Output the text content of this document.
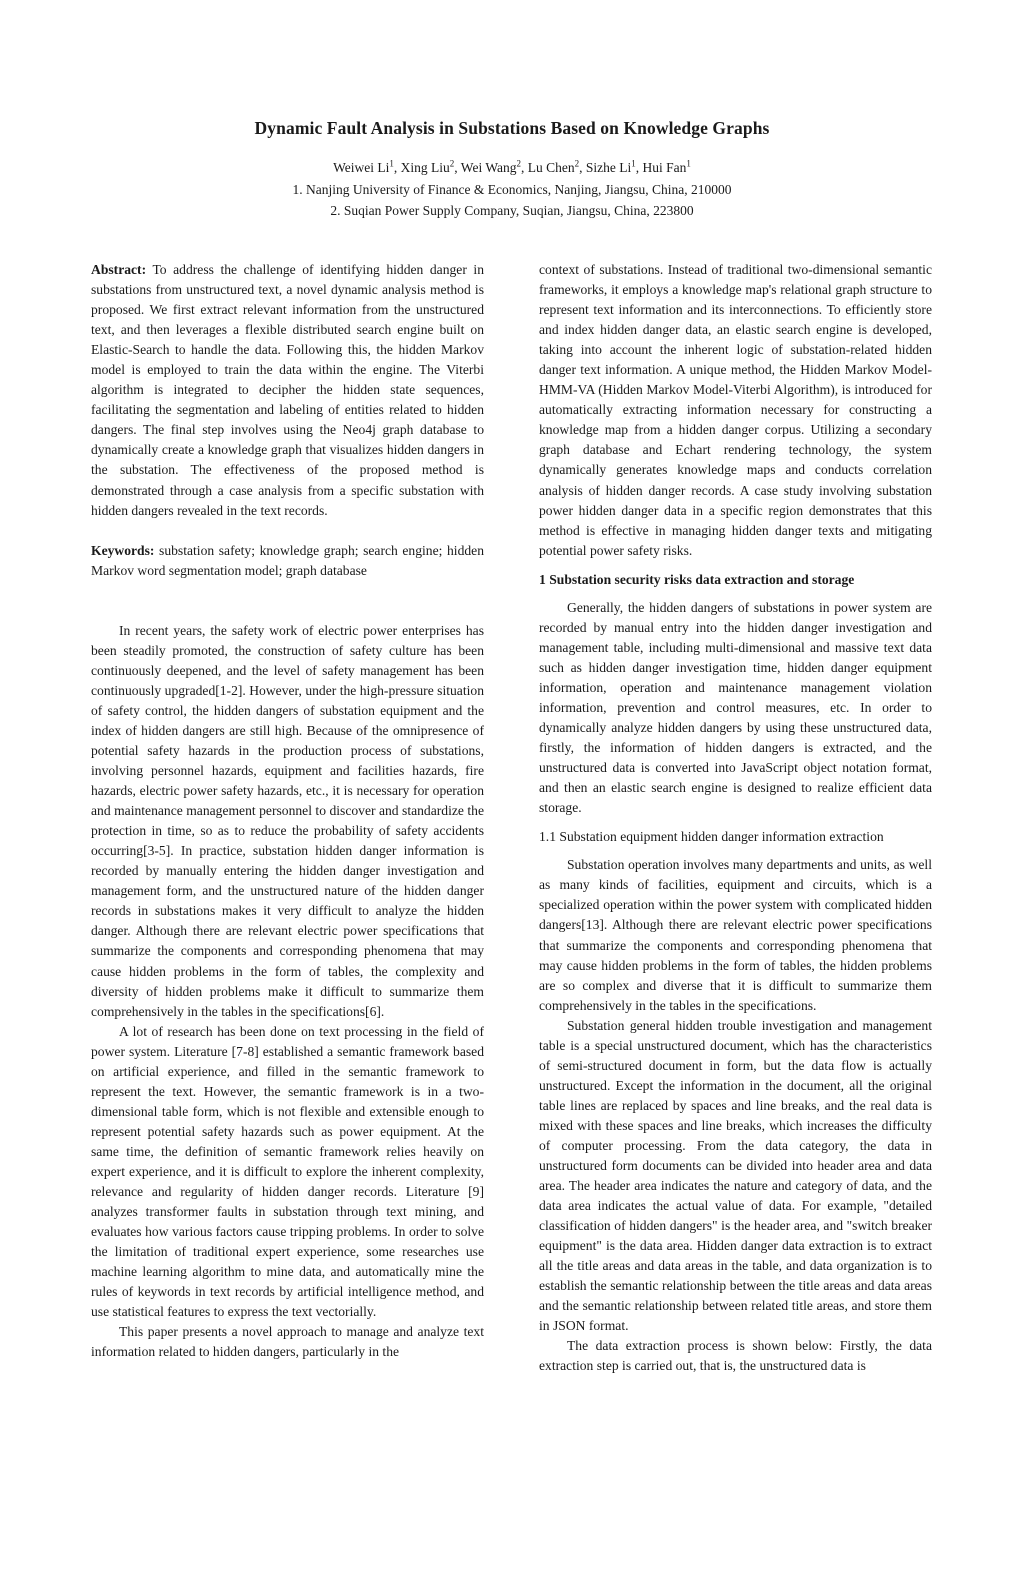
Dynamic Fault Analysis in Substations Based on Knowledge Graphs
Weiwei Li$^1$, Xing Liu$^2$, Wei Wang$^2$, Lu Chen$^2$, Sizhe Li$^1$, Hui Fan$^1$
1. Nanjing University of Finance & Economics, Nanjing, Jiangsu, China, 210000
2. Suqian Power Supply Company, Suqian, Jiangsu, China, 223800

Abstract: To address the challenge of identifying hidden danger in substations from unstructured text, a novel dynamic analysis method is proposed. We first extract relevant information from the unstructured text, and then leverages a flexible distributed search engine built on Elastic-Search to handle the data. Following this, the hidden Markov model is employed to train the data within the engine. The Viterbi algorithm is integrated to decipher the hidden state sequences, facilitating the segmentation and labeling of entities related to hidden dangers. The final step involves using the Neo4j graph database to dynamically create a knowledge graph that visualizes hidden dangers in the substation. The effectiveness of the proposed method is demonstrated through a case analysis from a specific substation with hidden dangers revealed in the text records.

Keywords: substation safety; knowledge graph; search engine; hidden Markov word segmentation model; graph database

In recent years, the safety work of electric power enterprises has been steadily promoted, the construction of safety culture has been continuously deepened, and the level of safety management has been continuously upgraded[1-2]. However, under the high-pressure situation of safety control, the hidden dangers of substation equipment and the index of hidden dangers are still high. Because of the omnipresence of potential safety hazards in the production process of substations, involving personnel hazards, equipment and facilities hazards, fire hazards, electric power safety hazards, etc., it is necessary for operation and maintenance management personnel to discover and standardize the protection in time, so as to reduce the probability of safety accidents occurring[3-5]. In practice, substation hidden danger information is recorded by manually entering the hidden danger investigation and management form, and the unstructured nature of the hidden danger records in substations makes it very difficult to analyze the hidden danger. Although there are relevant electric power specifications that summarize the components and corresponding phenomena that may cause hidden problems in the form of tables, the complexity and diversity of hidden problems make it difficult to summarize them comprehensively in the tables in the specifications[6].

A lot of research has been done on text processing in the field of power system. Literature [7-8] established a semantic framework based on artificial experience, and filled in the semantic framework to represent the text. However, the semantic framework is in a two-dimensional table form, which is not flexible and extensible enough to represent potential safety hazards such as power equipment. At the same time, the definition of semantic framework relies heavily on expert experience, and it is difficult to explore the inherent complexity, relevance and regularity of hidden danger records. Literature [9] analyzes transformer faults in substation through text mining, and evaluates how various factors cause tripping problems. In order to solve the limitation of traditional expert experience, some researches use machine learning algorithm to mine data, and automatically mine the rules of keywords in text records by artificial intelligence method, and use statistical features to express the text vectorially.

This paper presents a novel approach to manage and analyze text information related to hidden dangers, particularly in the

context of substations. Instead of traditional two-dimensional semantic frameworks, it employs a knowledge map's relational graph structure to represent text information and its interconnections. To efficiently store and index hidden danger data, an elastic search engine is developed, taking into account the inherent logic of substation-related hidden danger text information. A unique method, the Hidden Markov Model-HMM-VA (Hidden Markov Model-Viterbi Algorithm), is introduced for automatically extracting information necessary for constructing a knowledge map from a hidden danger corpus. Utilizing a secondary graph database and Echart rendering technology, the system dynamically generates knowledge maps and conducts correlation analysis of hidden danger records. A case study involving substation power hidden danger data in a specific region demonstrates that this method is effective in managing hidden danger texts and mitigating potential power safety risks.

1 Substation security risks data extraction and storage

Generally, the hidden dangers of substations in power system are recorded by manual entry into the hidden danger investigation and management table, including multi-dimensional and massive text data such as hidden danger investigation time, hidden danger equipment information, operation and maintenance management violation information, prevention and control measures, etc. In order to dynamically analyze hidden dangers by using these unstructured data, firstly, the information of hidden dangers is extracted, and the unstructured data is converted into JavaScript object notation format, and then an elastic search engine is designed to realize efficient data storage.

1.1 Substation equipment hidden danger information extraction

Substation operation involves many departments and units, as well as many kinds of facilities, equipment and circuits, which is a specialized operation within the power system with complicated hidden dangers[13]. Although there are relevant electric power specifications that summarize the components and corresponding phenomena that may cause hidden problems in the form of tables, the hidden problems are so complex and diverse that it is difficult to summarize them comprehensively in the tables in the specifications.

Substation general hidden trouble investigation and management table is a special unstructured document, which has the characteristics of semi-structured document in form, but the data flow is actually unstructured. Except the information in the document, all the original table lines are replaced by spaces and line breaks, and the real data is mixed with these spaces and line breaks, which increases the difficulty of computer processing. From the data category, the data in unstructured form documents can be divided into header area and data area. The header area indicates the nature and category of data, and the data area indicates the actual value of data. For example, "detailed classification of hidden dangers" is the header area, and "switch breaker equipment" is the data area. Hidden danger data extraction is to extract all the title areas and data areas in the table, and data organization is to establish the semantic relationship between the title areas and data areas and the semantic relationship between related title areas, and store them in JSON format.

The data extraction process is shown below: Firstly, the data extraction step is carried out, that is, the unstructured data is
